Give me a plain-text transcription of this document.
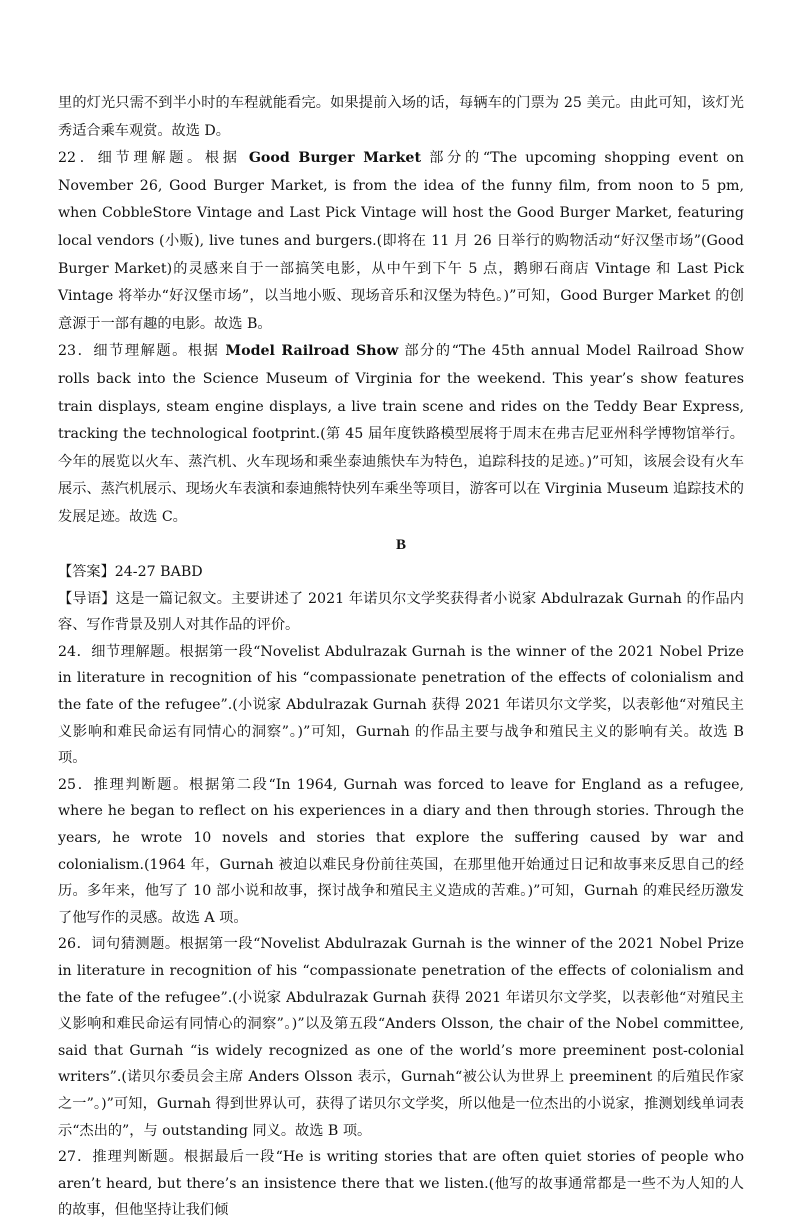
里的灯光只需不到半小时的车程就能看完。如果提前入场的话，每辆车的门票为 25 美元。由此可知，该灯光秀适合乘车观赏。故选 D。

22．细节理解题。根据 Good Burger Market 部分的“The upcoming shopping event on November 26, Good Burger Market, is from the idea of the funny film, from noon to 5 pm, when CobbleStore Vintage and Last Pick Vintage will host the Good Burger Market, featuring local vendors (小贩), live tunes and burgers.(即将在 11 月 26 日举行的购物活动“好汉堡市场”(Good Burger Market)的灵感来自于一部搞笑电影，从中午到下午 5 点，鹅卵石商店 Vintage 和 Last Pick Vintage 将举办“好汉堡市场”，以当地小贩、现场音乐和汉堡为特色。)”可知，Good Burger Market 的创意源于一部有趣的电影。故选 B。

23．细节理解题。根据 Model Railroad Show 部分的“The 45th annual Model Railroad Show rolls back into the Science Museum of Virginia for the weekend. This year’s show features train displays, steam engine displays, a live train scene and rides on the Teddy Bear Express, tracking the technological footprint.(第 45 届年度铁路模型展将于周末在弗吉尼亚州科学博物馆举行。今年的展览以火车、蒸汽机、火车现场和乘坐泰迪熊快车为特色，追踪科技的足迹。)”可知，该展会设有火车展示、蒸汽机展示、现场火车表演和泰迪熊特快列车乘坐等项目，游客可以在 Virginia Museum 追踪技术的发展足迹。故选 C。

B

【答案】24-27 BABD

【导语】这是一篇记叙文。主要讲述了 2021 年诺贝尔文学奖获得者小说家 Abdulrazak Gurnah 的作品内容、写作背景及别人对其作品的评价。

24．细节理解题。根据第一段“Novelist Abdulrazak Gurnah is the winner of the 2021 Nobel Prize in literature in recognition of his “compassionate penetration of the effects of colonialism and the fate of the refugee”.(小说家 Abdulrazak Gurnah 获得 2021 年诺贝尔文学奖，以表彰他“对殖民主义影响和难民命运有同情心的洞察”。)”可知，Gurnah 的作品主要与战争和殖民主义的影响有关。故选 B 项。

25．推理判断题。根据第二段“In 1964, Gurnah was forced to leave for England as a refugee, where he began to reflect on his experiences in a diary and then through stories. Through the years, he wrote 10 novels and stories that explore the suffering caused by war and colonialism.(1964 年，Gurnah 被迫以难民身份前往英国，在那里他开始通过日记和故事来反思自己的经历。多年来，他写了 10 部小说和故事，探讨战争和殖民主义造成的苦难。)”可知，Gurnah 的难民经历激发了他写作的灵感。故选 A 项。

26．词句猜测题。根据第一段“Novelist Abdulrazak Gurnah is the winner of the 2021 Nobel Prize in literature in recognition of his “compassionate penetration of the effects of colonialism and the fate of the refugee”.(小说家 Abdulrazak Gurnah 获得 2021 年诺贝尔文学奖，以表彰他“对殖民主义影响和难民命运有同情心的洞察”。)”以及第五段“Anders Olsson, the chair of the Nobel committee, said that Gurnah “is widely recognized as one of the world’s more preeminent post-colonial writers”.(诺贝尔委员会主席 Anders Olsson 表示，Gurnah“被公认为世界上 preeminent 的后殖民作家之一”。)”可知，Gurnah 得到世界认可，获得了诺贝尔文学奖，所以他是一位杰出的小说家，推测划线单词表示“杰出的”，与 outstanding 同义。故选 B 项。

27．推理判断题。根据最后一段“He is writing stories that are often quiet stories of people who aren’t heard, but there’s an insistence there that we listen.(他写的故事通常都是一些不为人知的人的故事，但他坚持让我们倾
